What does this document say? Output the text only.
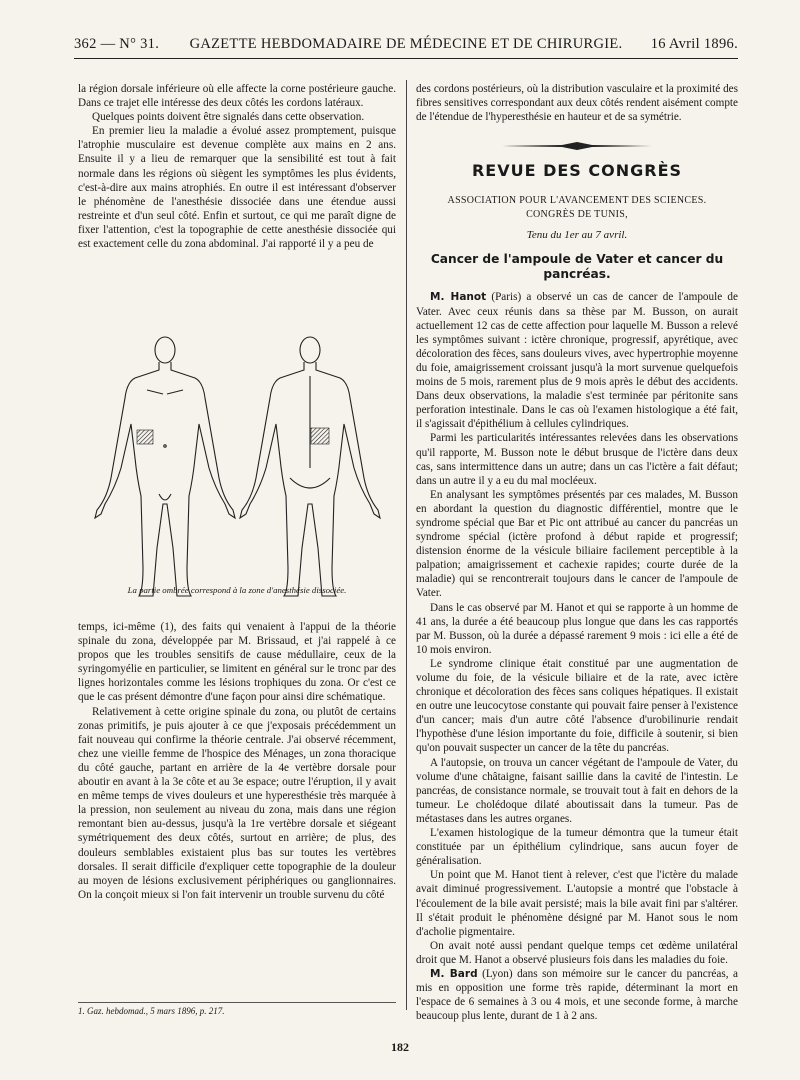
362 — N° 31.	GAZETTE HEBDOMADAIRE DE MÉDECINE ET DE CHIRURGIE.	16 Avril 1896.

la région dorsale inférieure où elle affecte la corne postérieure gauche. Dans ce trajet elle intéresse des deux côtés les cordons latéraux.

Quelques points doivent être signalés dans cette observation.

En premier lieu la maladie a évolué assez promptement, puisque l'atrophie musculaire est devenue complète aux mains en 2 ans. Ensuite il y a lieu de remarquer que la sensibilité est tout à fait normale dans les régions où siègent les symptômes les plus évidents, c'est-à-dire aux mains atrophiés. En outre il est intéressant d'observer le phénomène de l'anesthésie dissociée dans une étendue aussi restreinte et d'un seul côté. Enfin et surtout, ce qui me paraît digne de fixer l'attention, c'est la topographie de cette anesthésie dissociée qui est exactement celle du zona abdominal. J'ai rapporté il y a peu de

La partie ombrée correspond à la zone d'anesthésie dissociée.

temps, ici-même (1), des faits qui venaient à l'appui de la théorie spinale du zona, développée par M. Brissaud, et j'ai rappelé à ce propos que les troubles sensitifs de cause médullaire, ceux de la syringomyélie en particulier, se limitent en général sur le tronc par des lignes horizontales comme les lésions trophiques du zona. Or c'est ce que le cas présent démontre d'une façon pour ainsi dire schématique.

Relativement à cette origine spinale du zona, ou plutôt de certains zonas primitifs, je puis ajouter à ce que j'exposais précédemment un fait nouveau qui confirme la théorie centrale. J'ai observé récemment, chez une vieille femme de l'hospice des Ménages, un zona thoracique du côté gauche, partant en arrière de la 4e vertèbre dorsale pour aboutir en avant à la 3e côte et au 3e espace; outre l'éruption, il y avait en même temps de vives douleurs et une hyperesthésie très marquée à la pression, non seulement au niveau du zona, mais dans une région remontant bien au-dessus, jusqu'à la 1re vertèbre dorsale et siégeant symétriquement des deux côtés, surtout en arrière; de plus, des douleurs semblables existaient plus bas sur toutes les vertèbres dorsales. Il serait difficile d'expliquer cette topographie de la douleur au moyen de lésions exclusivement périphériques ou ganglionnaires. On la conçoit mieux si l'on fait intervenir un trouble survenu du côté

1. Gaz. hebdomad., 5 mars 1896, p. 217.

des cordons postérieurs, où la distribution vasculaire et la proximité des fibres sensitives correspondant aux deux côtés rendent aisément compte de l'étendue de l'hyperesthésie en hauteur et de sa symétrie.

REVUE DES CONGRÈS
ASSOCIATION POUR L'AVANCEMENT DES SCIENCES.
CONGRÈS DE TUNIS,
Tenu du 1er au 7 avril.
Cancer de l'ampoule de Vater et cancer du pancréas.

M. Hanot (Paris) a observé un cas de cancer de l'ampoule de Vater. Avec ceux réunis dans sa thèse par M. Busson, on aurait actuellement 12 cas de cette affection pour laquelle M. Busson a relevé les symptômes suivant : ictère chronique, progressif, apyrétique, avec décoloration des fèces, sans douleurs vives, avec hypertrophie moyenne du foie, amaigrissement croissant jusqu'à la mort survenue quelquefois moins de 5 mois, rarement plus de 9 mois après le début des accidents. Dans deux observations, la maladie s'est terminée par péritonite sans perforation intestinale. Dans le cas où l'examen histologique a été fait, il s'agissait d'épithélium à cellules cylindriques.

Parmi les particularités intéressantes relevées dans les observations qu'il rapporte, M. Busson note le début brusque de l'ictère dans deux cas, sans intermittence dans un autre; dans un cas l'ictère a fait défaut; dans un autre il y a eu du mal mocléeux.

En analysant les symptômes présentés par ces malades, M. Busson en abordant la question du diagnostic différentiel, montre que le syndrome spécial que Bar et Pic ont attribué au cancer du pancréas un syndrome spécial (ictère profond à début rapide et progressif; distension énorme de la vésicule biliaire facilement perceptible à la palpation; amaigrissement et cachexie rapides; courte durée de la maladie) qui se rencontrerait toujours dans le cancer de l'ampoule de Vater.

Dans le cas observé par M. Hanot et qui se rapporte à un homme de 41 ans, la durée a été beaucoup plus longue que dans les cas rapportés par M. Busson, où la durée a dépassé rarement 9 mois : ici elle a été de 10 mois environ.

Le syndrome clinique était constitué par une augmentation de volume du foie, de la vésicule biliaire et de la rate, avec ictère chronique et décoloration des fèces sans coliques hépatiques. Il existait en outre une leucocytose constante qui pouvait faire penser à l'existence d'un cancer; mais d'un autre côté l'absence d'urobilinurie rendait l'hypothèse d'une lésion importante du foie, difficile à soutenir, si bien qu'on pouvait suspecter un cancer de la tête du pancréas.

A l'autopsie, on trouva un cancer végétant de l'ampoule de Vater, du volume d'une châtaigne, faisant saillie dans la cavité de l'intestin. Le pancréas, de consistance normale, se trouvait tout à fait en dehors de la tumeur. Le cholédoque dilaté aboutissait dans la tumeur. Pas de métastases dans les autres organes.

L'examen histologique de la tumeur démontra que la tumeur était constituée par un épithélium cylindrique, sans aucun foyer de généralisation.

Un point que M. Hanot tient à relever, c'est que l'ictère du malade avait diminué progressivement. L'autopsie a montré que l'obstacle à l'écoulement de la bile avait persisté; mais la bile avait fini par s'altérer. Il s'était produit le phénomène désigné par M. Hanot sous le nom d'acholie pigmentaire.

On avait noté aussi pendant quelque temps cet œdème unilatéral droit que M. Hanot a observé plusieurs fois dans les maladies du foie.

M. Bard (Lyon) dans son mémoire sur le cancer du pancréas, a mis en opposition une forme très rapide, déterminant la mort en l'espace de 6 semaines à 3 ou 4 mois, et une seconde forme, à marche beaucoup plus lente, durant de 1 à 2 ans.

182
